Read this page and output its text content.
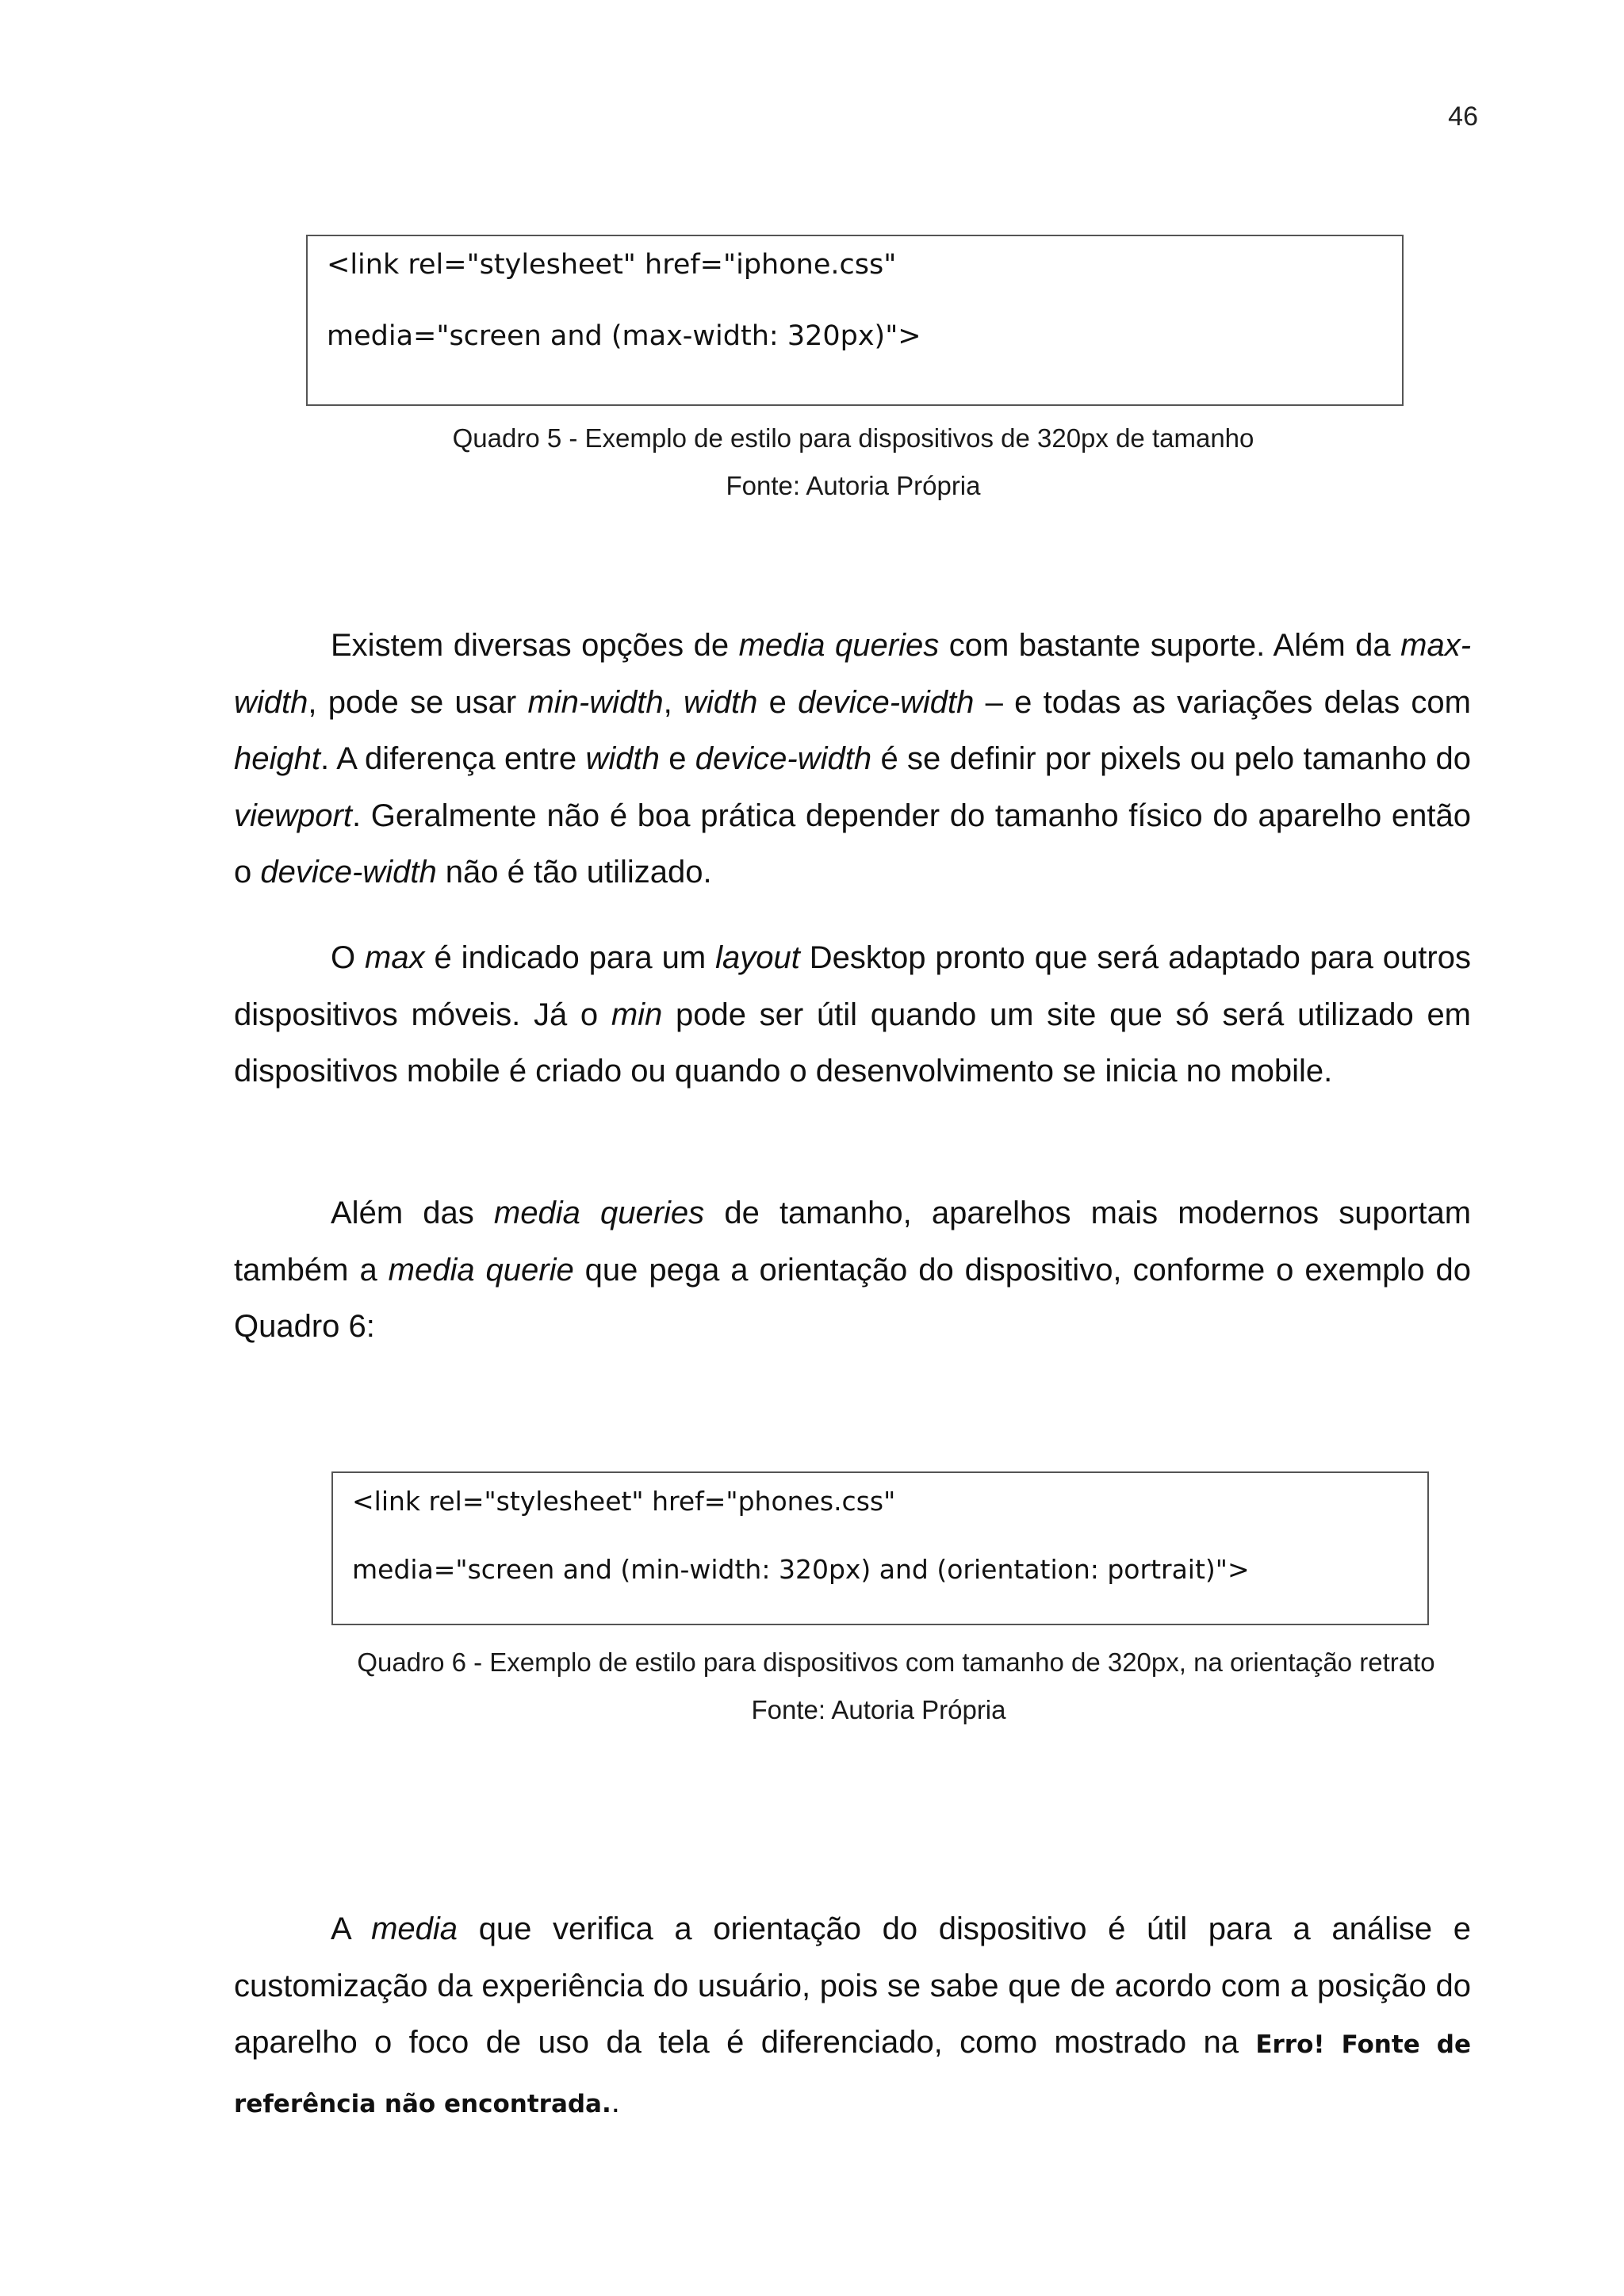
46
<link rel="stylesheet" href="iphone.css"
media="screen and (max-width: 320px)">
Quadro 5 - Exemplo de estilo para dispositivos de 320px de tamanho
Fonte: Autoria Própria

Existem diversas opções de media queries com bastante suporte. Além da max-width, pode se usar min-width, width e device-width – e todas as variações delas com height. A diferença entre width e device-width é se definir por pixels ou pelo tamanho do viewport. Geralmente não é boa prática depender do tamanho físico do aparelho então o device-width não é tão utilizado.

O max é indicado para um layout Desktop pronto que será adaptado para outros dispositivos móveis. Já o min pode ser útil quando um site que só será utilizado em dispositivos mobile é criado ou quando o desenvolvimento se inicia no mobile.

Além das media queries de tamanho, aparelhos mais modernos suportam também a media querie que pega a orientação do dispositivo, conforme o exemplo do Quadro 6:

<link rel="stylesheet" href="phones.css"
media="screen and (min-width: 320px) and (orientation: portrait)">
Quadro 6 - Exemplo de estilo para dispositivos com tamanho de 320px, na orientação retrato
Fonte: Autoria Própria

A media que verifica a orientação do dispositivo é útil para a análise e customização da experiência do usuário, pois se sabe que de acordo com a posição do aparelho o foco de uso da tela é diferenciado, como mostrado na Erro! Fonte de referência não encontrada..
